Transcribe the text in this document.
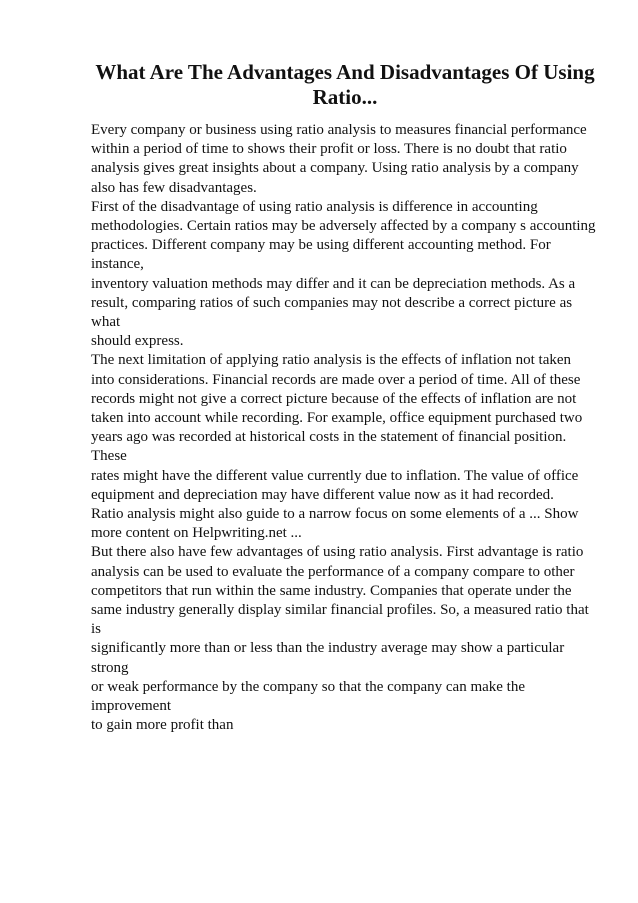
What Are The Advantages And Disadvantages Of Using
Ratio...

Every company or business using ratio analysis to measures financial performance
within a period of time to shows their profit or loss. There is no doubt that ratio
analysis gives great insights about a company. Using ratio analysis by a company
also has few disadvantages.

First of the disadvantage of using ratio analysis is difference in accounting
methodologies. Certain ratios may be adversely affected by a company s accounting
practices. Different company may be using different accounting method. For instance,
inventory valuation methods may differ and it can be depreciation methods. As a
result, comparing ratios of such companies may not describe a correct picture as what
should express.

The next limitation of applying ratio analysis is the effects of inflation not taken
into considerations. Financial records are made over a period of time. All of these
records might not give a correct picture because of the effects of inflation are not
taken into account while recording. For example, office equipment purchased two
years ago was recorded at historical costs in the statement of financial position. These
rates might have the different value currently due to inflation. The value of office
equipment and depreciation may have different value now as it had recorded.

Ratio analysis might also guide to a narrow focus on some elements of a ... Show
more content on Helpwriting.net ...

But there also have few advantages of using ratio analysis. First advantage is ratio
analysis can be used to evaluate the performance of a company compare to other
competitors that run within the same industry. Companies that operate under the
same industry generally display similar financial profiles. So, a measured ratio that is
significantly more than or less than the industry average may show a particular strong
or weak performance by the company so that the company can make the improvement
to gain more profit than
